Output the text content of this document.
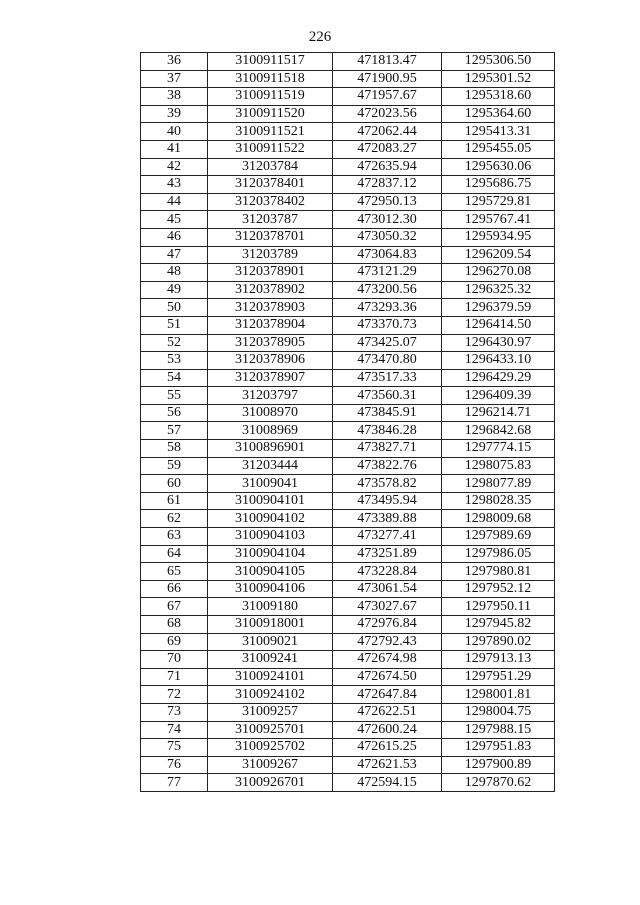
226
36	3100911517	471813.47	1295306.50
37	3100911518	471900.95	1295301.52
38	3100911519	471957.67	1295318.60
39	3100911520	472023.56	1295364.60
40	3100911521	472062.44	1295413.31
41	3100911522	472083.27	1295455.05
42	31203784	472635.94	1295630.06
43	3120378401	472837.12	1295686.75
44	3120378402	472950.13	1295729.81
45	31203787	473012.30	1295767.41
46	3120378701	473050.32	1295934.95
47	31203789	473064.83	1296209.54
48	3120378901	473121.29	1296270.08
49	3120378902	473200.56	1296325.32
50	3120378903	473293.36	1296379.59
51	3120378904	473370.73	1296414.50
52	3120378905	473425.07	1296430.97
53	3120378906	473470.80	1296433.10
54	3120378907	473517.33	1296429.29
55	31203797	473560.31	1296409.39
56	31008970	473845.91	1296214.71
57	31008969	473846.28	1296842.68
58	3100896901	473827.71	1297774.15
59	31203444	473822.76	1298075.83
60	31009041	473578.82	1298077.89
61	3100904101	473495.94	1298028.35
62	3100904102	473389.88	1298009.68
63	3100904103	473277.41	1297989.69
64	3100904104	473251.89	1297986.05
65	3100904105	473228.84	1297980.81
66	3100904106	473061.54	1297952.12
67	31009180	473027.67	1297950.11
68	3100918001	472976.84	1297945.82
69	31009021	472792.43	1297890.02
70	31009241	472674.98	1297913.13
71	3100924101	472674.50	1297951.29
72	3100924102	472647.84	1298001.81
73	31009257	472622.51	1298004.75
74	3100925701	472600.24	1297988.15
75	3100925702	472615.25	1297951.83
76	31009267	472621.53	1297900.89
77	3100926701	472594.15	1297870.62
